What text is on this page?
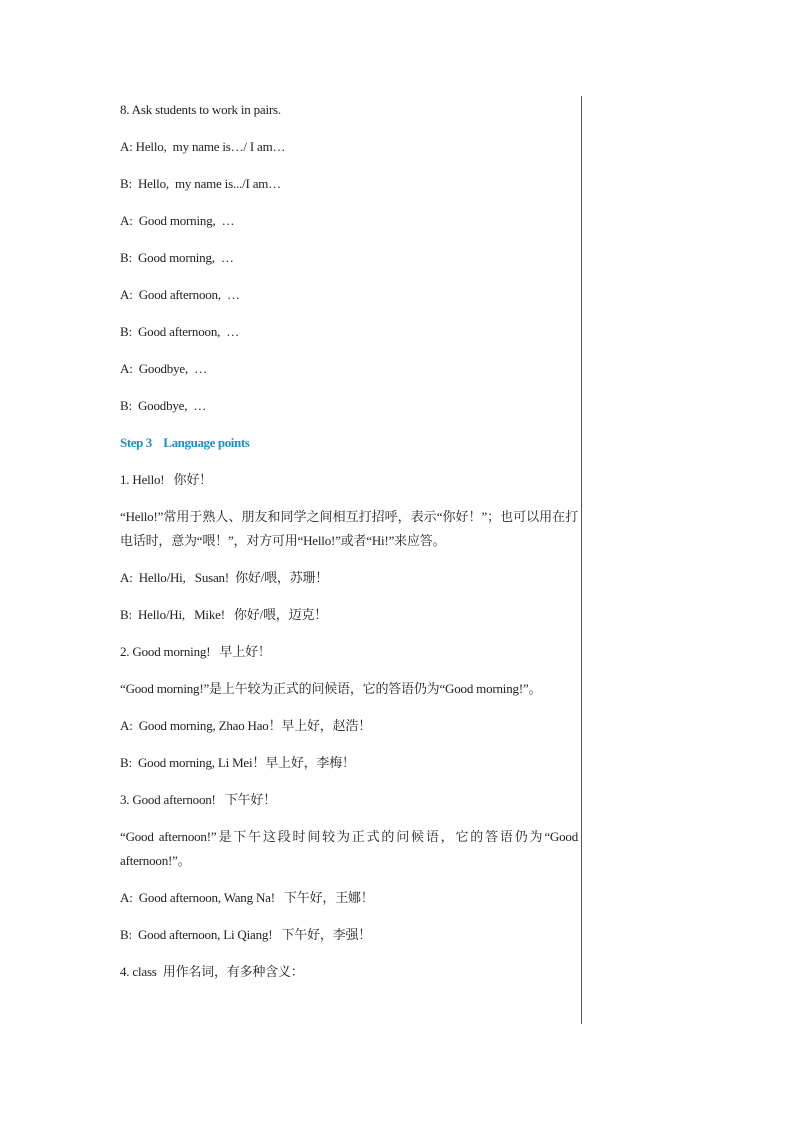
8. Ask students to work in pairs.

A: Hello,  my name is…/ I am…

B:  Hello,  my name is.../I am…

A:  Good morning,  …

B:  Good morning,  …

A:  Good afternoon,  …

B:  Good afternoon,  …

A:  Goodbye,  …

B:  Goodbye,  …

Step 3    Language points

1. Hello!   你好！

“Hello!”常用于熟人、朋友和同学之间相互打招呼，表示“你好！”；也可以用在打电话时，意为“喂！”，对方可用“Hello!”或者“Hi!”来应答。

A:  Hello/Hi,   Susan!  你好/喂，苏珊！

B:  Hello/Hi,   Mike!   你好/喂，迈克！

2. Good morning!   早上好！

“Good morning!”是上午较为正式的问候语，它的答语仍为“Good morning!”。

A:  Good morning, Zhao Hao！早上好，赵浩！

B:  Good morning, Li Mei！早上好，李梅！

3. Good afternoon!   下午好！

“Good afternoon!”是下午这段时间较为正式的问候语，它的答语仍为“Good afternoon!”。

A:  Good afternoon, Wang Na!   下午好，王娜！

B:  Good afternoon, Li Qiang!   下午好，李强！

4. class  用作名词，有多种含义：
